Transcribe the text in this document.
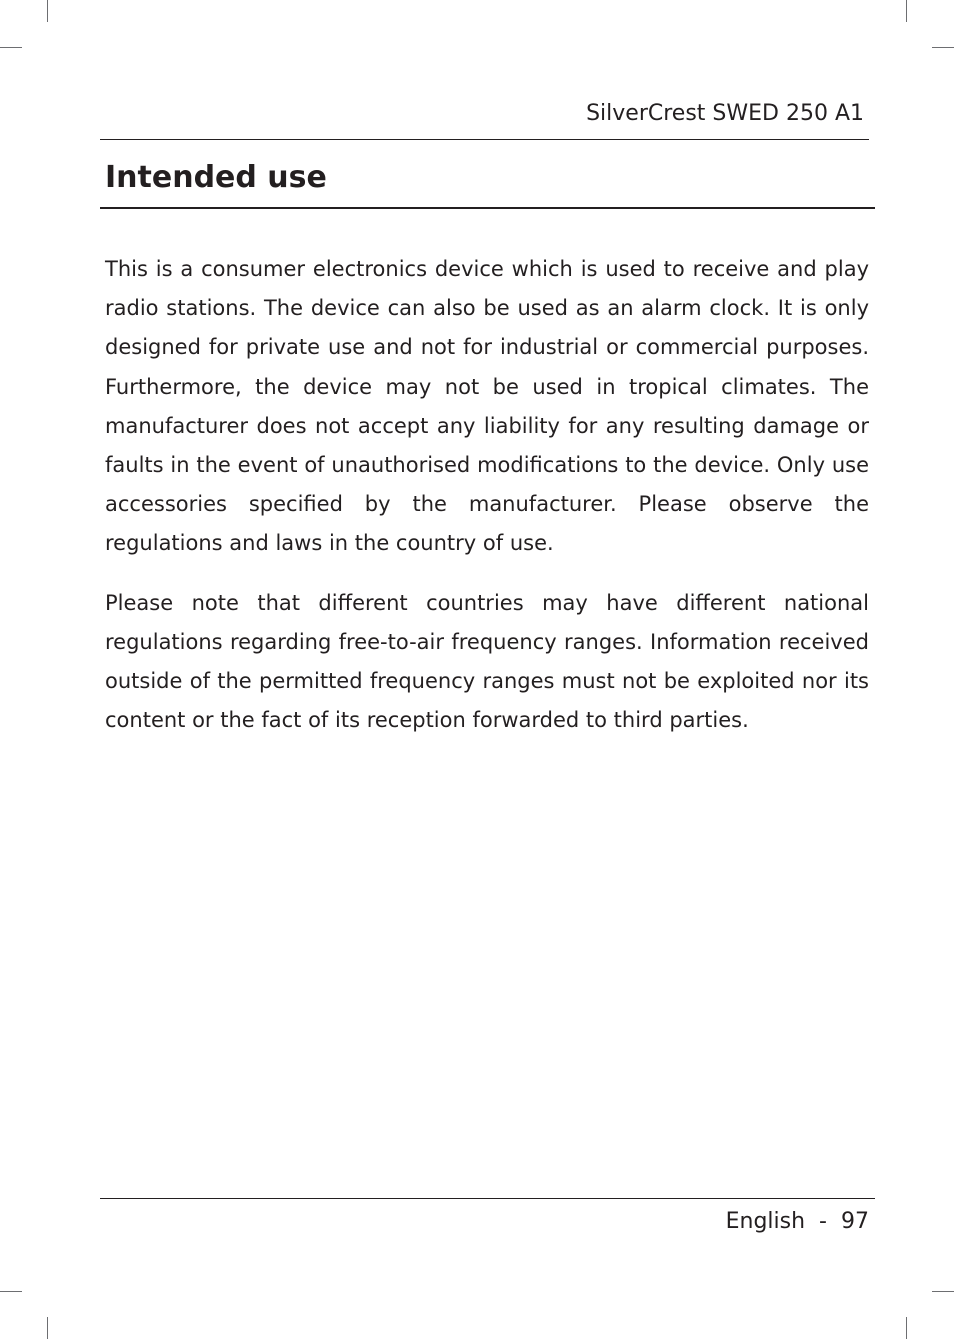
SilverCrest SWED 250 A1
Intended use

This is a consumer electronics device which is used to receive and play radio stations. The device can also be used as an alarm clock. It is only designed for private use and not for industrial or commercial purposes. Furthermore, the device may not be used in tropical climates. The manufacturer does not accept any liability for any resulting damage or faults in the event of unauthorised modifications to the device. Only use accessories specified by the manufacturer. Please observe the regulations and laws in the country of use.

Please note that different countries may have different national regulations regarding free-to-air frequency ranges. Information received outside of the permitted frequency ranges must not be exploited nor its content or the fact of its reception forwarded to third parties.

English - 97
